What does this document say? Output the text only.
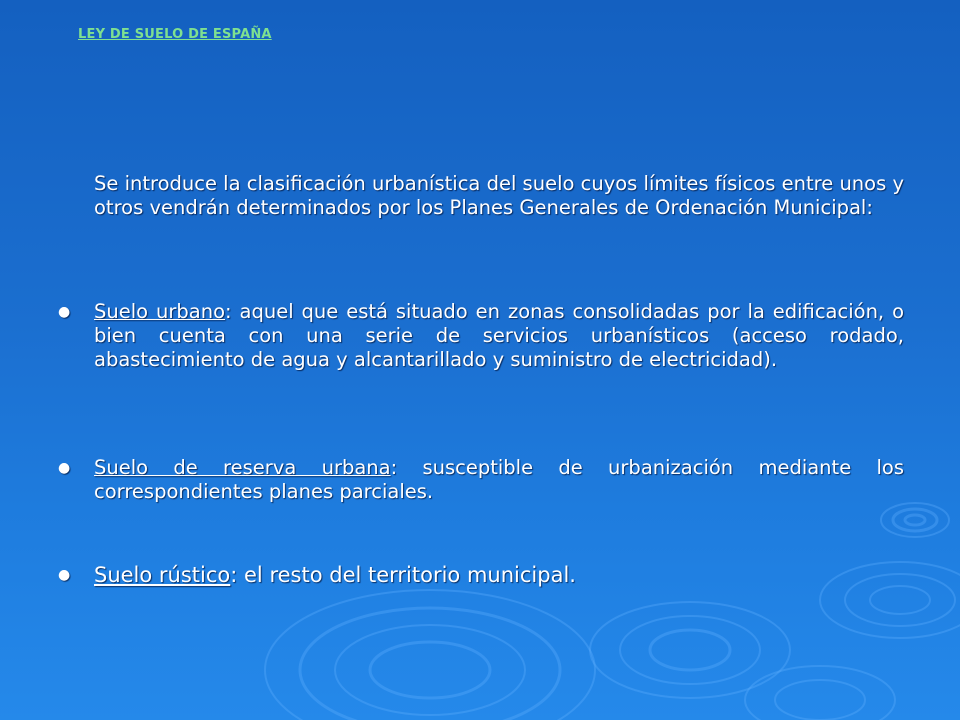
LEY DE SUELO DE ESPAÑA
Se introduce la clasificación urbanística del suelo cuyos límites físicos entre unos y otros vendrán determinados por los Planes Generales de Ordenación Municipal:
● Suelo urbano: aquel que está situado en zonas consolidadas por la edificación, o bien cuenta con una serie de servicios urbanísticos (acceso rodado, abastecimiento de agua y alcantarillado y suministro de electricidad).
● Suelo de reserva urbana: susceptible de urbanización mediante los correspondientes planes parciales.
● Suelo rústico: el resto del territorio municipal.
